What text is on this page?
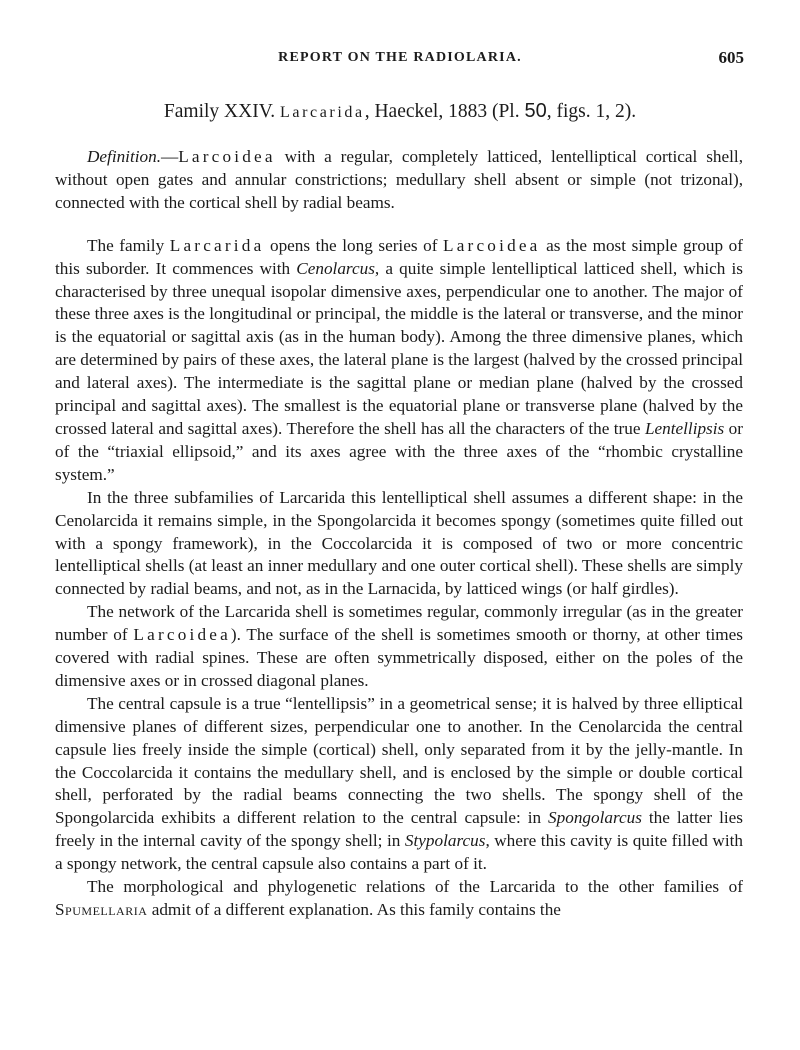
REPORT ON THE RADIOLARIA.	605
Family XXIV. Larcarida, Haeckel, 1883 (Pl. 50, figs. 1, 2).

Definition.—Larcoidea with a regular, completely latticed, lentelliptical cortical shell, without open gates and annular constrictions; medullary shell absent or simple (not trizonal), connected with the cortical shell by radial beams.

The family Larcarida opens the long series of Larcoidea as the most simple group of this suborder. It commences with Cenolarcus, a quite simple lentelliptical latticed shell, which is characterised by three unequal isopolar dimensive axes, perpendicular one to another. The major of these three axes is the longitudinal or principal, the middle is the lateral or transverse, and the minor is the equatorial or sagittal axis (as in the human body). Among the three dimensive planes, which are determined by pairs of these axes, the lateral plane is the largest (halved by the crossed principal and lateral axes). The intermediate is the sagittal plane or median plane (halved by the crossed principal and sagittal axes). The smallest is the equatorial plane or transverse plane (halved by the crossed lateral and sagittal axes). Therefore the shell has all the characters of the true Lentellipsis or of the “triaxial ellipsoid,” and its axes agree with the three axes of the “rhombic crystalline system.”

In the three subfamilies of Larcarida this lentelliptical shell assumes a different shape: in the Cenolarcida it remains simple, in the Spongolarcida it becomes spongy (sometimes quite filled out with a spongy framework), in the Coccolarcida it is composed of two or more concentric lentelliptical shells (at least an inner medullary and one outer cortical shell). These shells are simply connected by radial beams, and not, as in the Larnacida, by latticed wings (or half girdles).

The network of the Larcarida shell is sometimes regular, commonly irregular (as in the greater number of Larcoidea). The surface of the shell is sometimes smooth or thorny, at other times covered with radial spines. These are often symmetrically disposed, either on the poles of the dimensive axes or in crossed diagonal planes.

The central capsule is a true “lentellipsis” in a geometrical sense; it is halved by three elliptical dimensive planes of different sizes, perpendicular one to another. In the Cenolarcida the central capsule lies freely inside the simple (cortical) shell, only separated from it by the jelly-mantle. In the Coccolarcida it contains the medullary shell, and is enclosed by the simple or double cortical shell, perforated by the radial beams connecting the two shells. The spongy shell of the Spongolarcida exhibits a different relation to the central capsule: in Spongolarcus the latter lies freely in the internal cavity of the spongy shell; in Stypolarcus, where this cavity is quite filled with a spongy network, the central capsule also contains a part of it.

The morphological and phylogenetic relations of the Larcarida to the other families of Spumellaria admit of a different explanation. As this family contains the
